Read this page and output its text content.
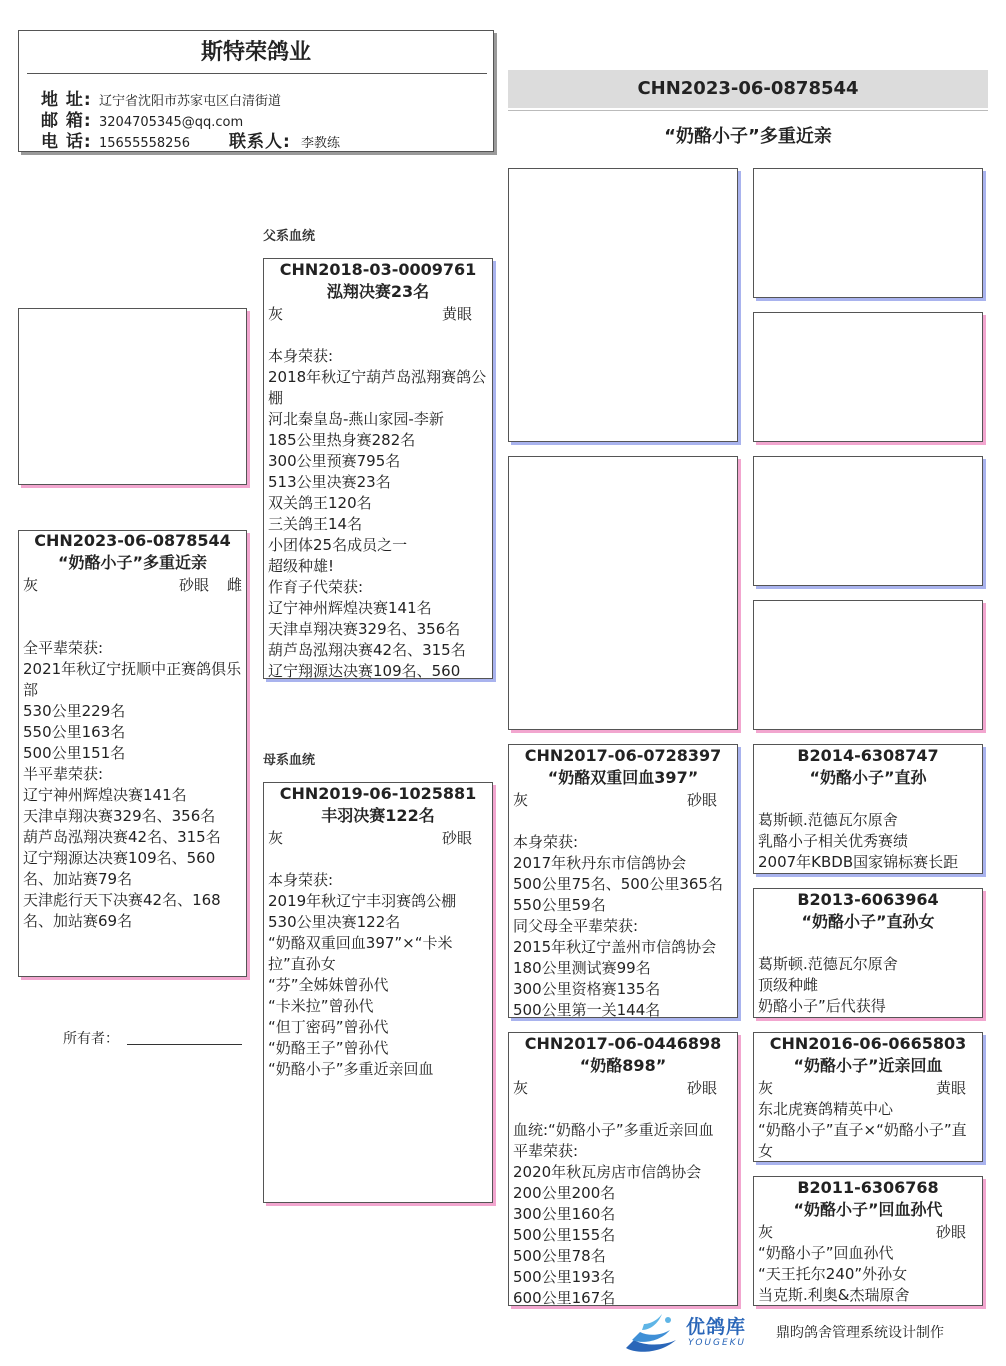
斯特荣鸽业
地 址: 辽宁省沈阳市苏家屯区白清街道
邮 箱: 3204705345@qq.com
电 话: 15655558256 联系人: 李教练
CHN2023-06-0878544
“奶酪小子”多重近亲
CHN2023-06-0878544
“奶酪小子”多重近亲
灰	砂眼 雌
全平辈荣获:
2021年秋辽宁抚顺中正赛鸽俱乐部
530公里229名
550公里163名
500公里151名
半平辈荣获:
辽宁神州辉煌决赛141名
天津卓翔决赛329名、356名
葫芦岛泓翔决赛42名、315名
辽宁翔源达决赛109名、560名、加站赛79名
天津彪行天下决赛42名、168名、加站赛69名
所有者：
父系血统
母系血统
CHN2018-03-0009761
泓翔决赛23名
灰	黄眼
本身荣获:
2018年秋辽宁葫芦岛泓翔赛鸽公棚
河北秦皇岛-燕山家园-李新
185公里热身赛282名
300公里预赛795名
513公里决赛23名
双关鸽王120名
三关鸽王14名
小团体25名成员之一
超级种雄!
作育子代荣获:
辽宁神州辉煌决赛141名
天津卓翔决赛329名、356名
葫芦岛泓翔决赛42名、315名
辽宁翔源达决赛109名、560
CHN2019-06-1025881
丰羽决赛122名
灰	砂眼
本身荣获:
2019年秋辽宁丰羽赛鸽公棚
530公里决赛122名
“奶酪双重回血397”×“卡米拉”直孙女
“芬”全姊妹曾孙代
“卡米拉”曾孙代
“但丁密码”曾孙代
“奶酪王子”曾孙代
“奶酪小子”多重近亲回血
CHN2017-06-0728397
“奶酪双重回血397”
灰	砂眼
本身荣获:
2017年秋丹东市信鸽协会
500公里75名、500公里365名
550公里59名
同父母全平辈荣获:
2015年秋辽宁盖州市信鸽协会
180公里测试赛99名
300公里资格赛135名
500公里第一关144名
CHN2017-06-0446898
“奶酪898”
灰	砂眼
血统:“奶酪小子”多重近亲回血
平辈荣获:
2020年秋瓦房店市信鸽协会
200公里200名
300公里160名
500公里155名
500公里78名
500公里193名
600公里167名
B2014-6308747
“奶酪小子”直孙
葛斯顿.范德瓦尔原舍
乳酪小子相关优秀赛绩
2007年KBDB国家锦标赛长距
B2013-6063964
“奶酪小子”直孙女
葛斯顿.范德瓦尔原舍
顶级种雌
奶酪小子”后代获得
CHN2016-06-0665803
“奶酪小子”近亲回血
灰	黄眼
东北虎赛鸽精英中心
“奶酪小子”直子×“奶酪小子”直女
B2011-6306768
“奶酪小子”回血孙代
灰	砂眼
“奶酪小子”回血孙代
“天王托尔240”外孙女
当克斯.利奥&杰瑞原舍
优鸽库
YOUGEKU
鼎昀鸽舍管理系统设计制作
